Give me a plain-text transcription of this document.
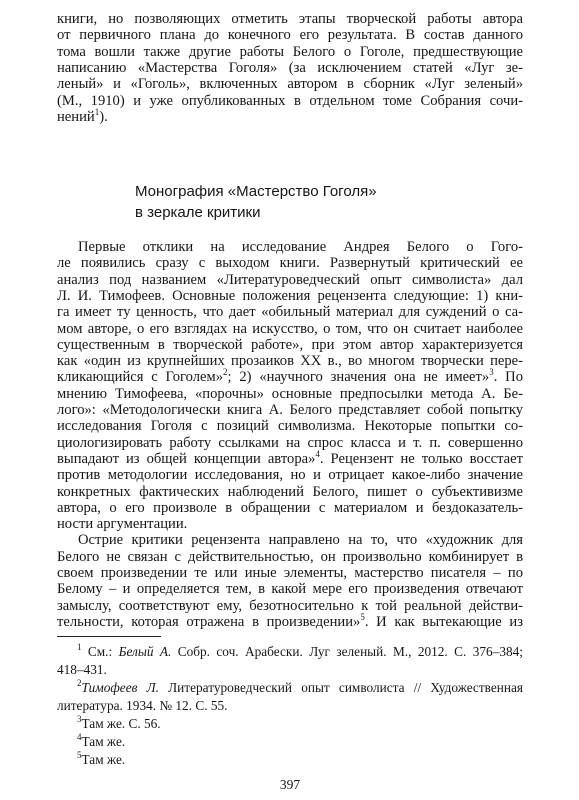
книги, но позволяющих отметить этапы творческой работы автора
от первичного плана до конечного его результата. В состав данного
тома вошли также другие работы Белого о Гоголе, предшествующие
написанию «Мастерства Гоголя» (за исключением статей «Луг зе-
леный» и «Гоголь», включенных автором в сборник «Луг зеленый»
(М., 1910) и уже опубликованных в отдельном томе Собрания сочи-
нений$^1$).
Монография «Мастерство Гоголя»
в зеркале критики
Первые отклики на исследование Андрея Белого о Гого-
ле появились сразу с выходом книги. Развернутый критический ее
анализ под названием «Литературоведческий опыт символиста» дал
Л. И. Тимофеев. Основные положения рецензента следующие: 1) кни-
га имеет ту ценность, что дает «обильный материал для суждений о са-
мом авторе, о его взглядах на искусство, о том, что он считает наиболее
существенным в творческой работе», при этом автор характеризуется
как «один из крупнейших прозаиков XX в., во многом творчески пере-
кликающийся с Гоголем»$^2$; 2) «научного значения она не имеет»$^3$. По
мнению Тимофеева, «порочны» основные предпосылки метода А. Бе-
лого»: «Методологически книга А. Белого представляет собой попытку
исследования Гоголя с позиций символизма. Некоторые попытки со-
циологизировать работу ссылками на спрос класса и т. п. совершенно
выпадают из общей концепции автора»$^4$. Рецензент не только восстает
против методологии исследования, но и отрицает какое-либо значение
конкретных фактических наблюдений Белого, пишет о субъективизме
автора, о его произволе в обращении с материалом и бездоказатель-
ности аргументации.
Острие критики рецензента направлено на то, что «художник для
Белого не связан с действительностью, он произвольно комбинирует в
своем произведении те или иные элементы, мастерство писателя – по
Белому – и определяется тем, в какой мере его произведения отвечают
замыслу, соответствуют ему, безотносительно к той реальной действи-
тельности, которая отражена в произведении»$^5$. И как вытекающие из
$^1$ См.: Белый А. Собр. соч. Арабески. Луг зеленый. М., 2012. С. 376–384;
418–431.
$^2$Тимофеев Л. Литературоведческий опыт символиста // Художественная
литература. 1934. № 12. С. 55.
$^3$Там же. С. 56.
$^4$Там же.
$^5$Там же.
397
